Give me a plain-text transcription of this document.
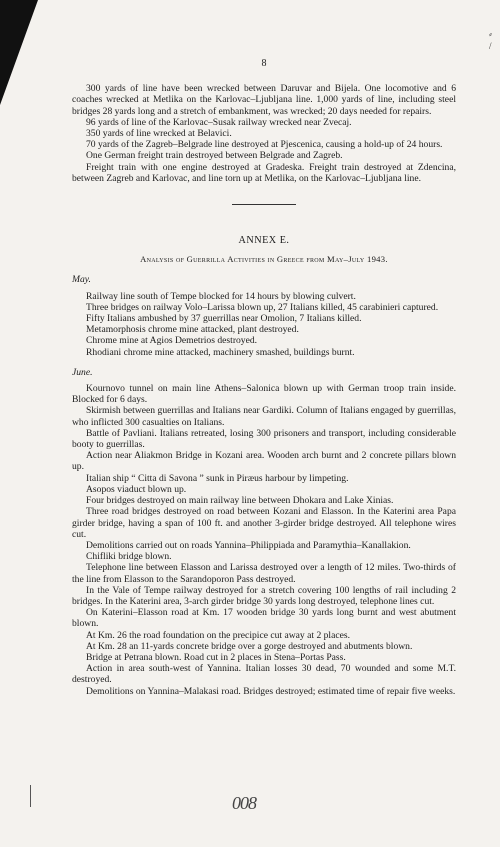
⸗
/
8

300 yards of line have been wrecked between Daruvar and Bijela. One locomotive and 6 coaches wrecked at Metlika on the Karlovac–Ljubljana line. 1,000 yards of line, including steel bridges 28 yards long and a stretch of embankment, was wrecked; 20 days needed for repairs.

96 yards of line of the Karlovac–Susak railway wrecked near Zvecaj.

350 yards of line wrecked at Belavici.

70 yards of the Zagreb–Belgrade line destroyed at Pjescenica, causing a hold-up of 24 hours.

One German freight train destroyed between Belgrade and Zagreb.

Freight train with one engine destroyed at Gradeska. Freight train destroyed at Zdencina, between Zagreb and Karlovac, and line torn up at Metlika, on the Karlovac–Ljubljana line.

ANNEX E.
Analysis of Guerrilla Activities in Greece from May–July 1943.

May.

Railway line south of Tempe blocked for 14 hours by blowing culvert.

Three bridges on railway Volo–Larissa blown up, 27 Italians killed, 45 carabinieri captured.

Fifty Italians ambushed by 37 guerrillas near Omolion, 7 Italians killed.

Metamorphosis chrome mine attacked, plant destroyed.

Chrome mine at Agios Demetrios destroyed.

Rhodiani chrome mine attacked, machinery smashed, buildings burnt.

June.

Kournovo tunnel on main line Athens–Salonica blown up with German troop train inside. Blocked for 6 days.

Skirmish between guerrillas and Italians near Gardiki. Column of Italians engaged by guerrillas, who inflicted 300 casualties on Italians.

Battle of Pavliani. Italians retreated, losing 300 prisoners and transport, including considerable booty to guerrillas.

Action near Aliakmon Bridge in Kozani area. Wooden arch burnt and 2 concrete pillars blown up.

Italian ship “ Citta di Savona ” sunk in Piræus harbour by limpeting.

Asopos viaduct blown up.

Four bridges destroyed on main railway line between Dhokara and Lake Xinias.

Three road bridges destroyed on road between Kozani and Elasson. In the Katerini area Papa girder bridge, having a span of 100 ft. and another 3-girder bridge destroyed. All telephone wires cut.

Demolitions carried out on roads Yannina–Philippiada and Paramythia–Kanallakion.

Chifliki bridge blown.

Telephone line between Elasson and Larissa destroyed over a length of 12 miles. Two-thirds of the line from Elasson to the Sarandoporon Pass destroyed.

In the Vale of Tempe railway destroyed for a stretch covering 100 lengths of rail including 2 bridges. In the Katerini area, 3-arch girder bridge 30 yards long destroyed, telephone lines cut.

On Katerini–Elasson road at Km. 17 wooden bridge 30 yards long burnt and west abutment blown.

At Km. 26 the road foundation on the precipice cut away at 2 places.

At Km. 28 an 11-yards concrete bridge over a gorge destroyed and abutments blown.

Bridge at Petrana blown. Road cut in 2 places in Stena–Portas Pass.

Action in area south-west of Yannina. Italian losses 30 dead, 70 wounded and some M.T. destroyed.

Demolitions on Yannina–Malakasi road. Bridges destroyed; estimated time of repair five weeks.

008
